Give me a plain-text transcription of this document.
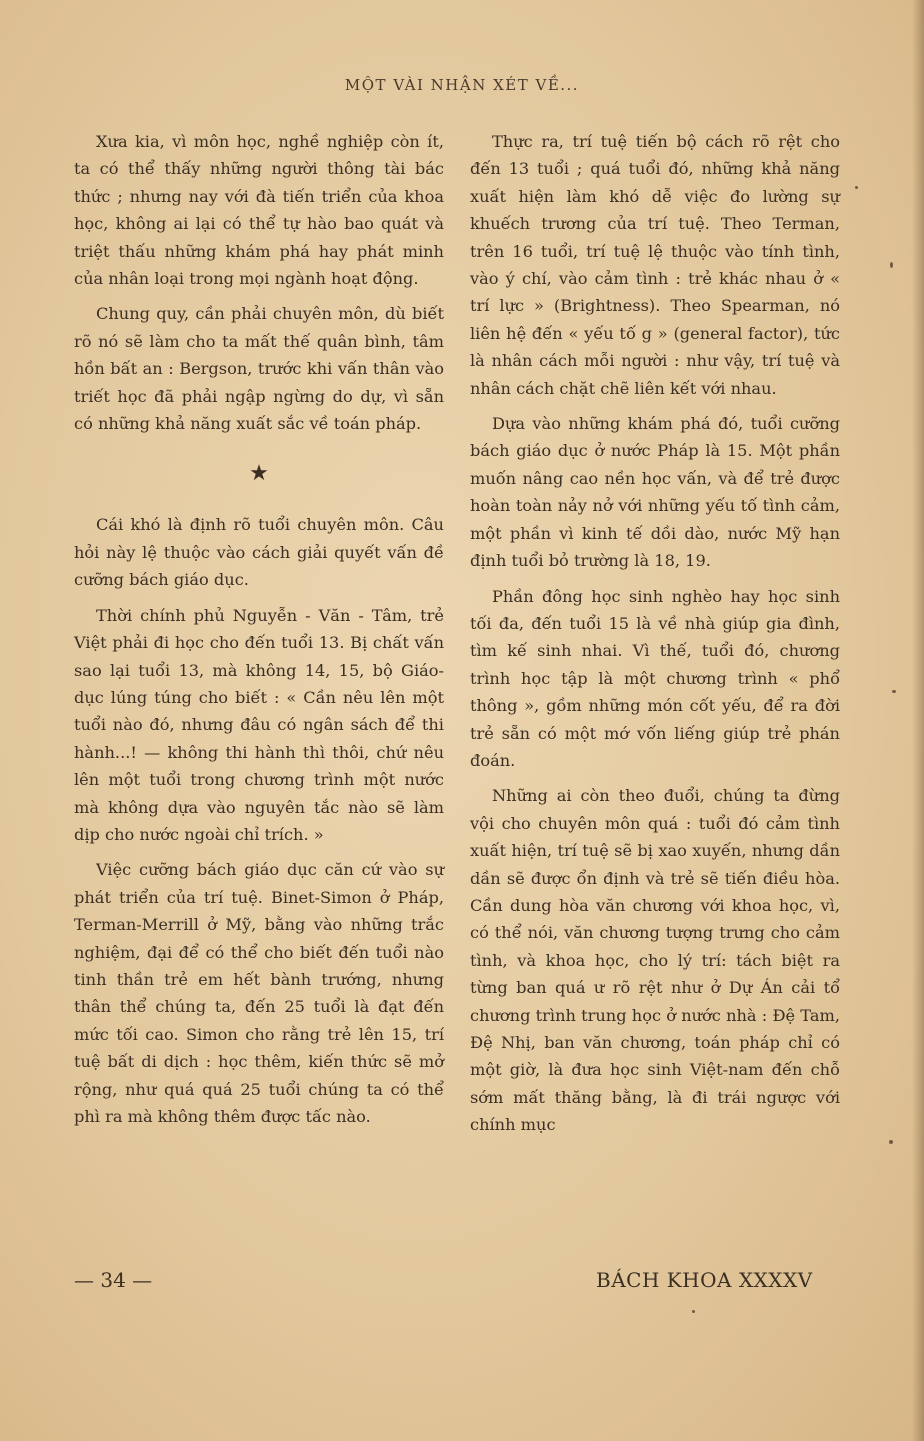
MỘT VÀI NHẬN XÉT VỀ...

Xưa kia, vì môn học, nghề nghiệp còn ít, ta có thể thấy những người thông tài bác thức ; nhưng nay với đà tiến triển của khoa học, không ai lại có thể tự hào bao quát và triệt thấu những khám phá hay phát minh của nhân loại trong mọi ngành hoạt động.

Chung quy, cần phải chuyên môn, dù biết rõ nó sẽ làm cho ta mất thế quân bình, tâm hồn bất an : Bergson, trước khi vấn thân vào triết học đã phải ngập ngừng do dự, vì sẵn có những khả năng xuất sắc về toán pháp.

★

Cái khó là định rõ tuổi chuyên môn. Câu hỏi này lệ thuộc vào cách giải quyết vấn đề cưỡng bách giáo dục.

Thời chính phủ Nguyễn - Văn - Tâm, trẻ Việt phải đi học cho đến tuổi 13. Bị chất vấn sao lại tuổi 13, mà không 14, 15, bộ Giáo-dục lúng túng cho biết : « Cần nêu lên một tuổi nào đó, nhưng đâu có ngân sách để thi hành...! — không thi hành thì thôi, chứ nêu lên một tuổi trong chương trình một nước mà không dựa vào nguyên tắc nào sẽ làm dịp cho nước ngoài chỉ trích. »

Việc cưỡng bách giáo dục căn cứ vào sự phát triển của trí tuệ. Binet-Simon ở Pháp, Terman-Merrill ở Mỹ, bằng vào những trắc nghiệm, đại để có thể cho biết đến tuổi nào tinh thần trẻ em hết bành trướng, nhưng thân thể chúng ta, đến 25 tuổi là đạt đến mức tối cao. Simon cho rằng trẻ lên 15, trí tuệ bất di dịch : học thêm, kiến thức sẽ mở rộng, như quá quá 25 tuổi chúng ta có thể phì ra mà không thêm được tấc nào.

Thực ra, trí tuệ tiến bộ cách rõ rệt cho đến 13 tuổi ; quá tuổi đó, những khả năng xuất hiện làm khó dễ việc đo lường sự khuếch trương của trí tuệ. Theo Terman, trên 16 tuổi, trí tuệ lệ thuộc vào tính tình, vào ý chí, vào cảm tình : trẻ khác nhau ở « trí lực » (Brightness). Theo Spearman, nó liên hệ đến « yếu tố g » (general factor), tức là nhân cách mỗi người : như vậy, trí tuệ và nhân cách chặt chẽ liên kết với nhau.

Dựa vào những khám phá đó, tuổi cưỡng bách giáo dục ở nước Pháp là 15. Một phần muốn nâng cao nền học vấn, và để trẻ được hoàn toàn nảy nở với những yếu tố tình cảm, một phần vì kinh tế dồi dào, nước Mỹ hạn định tuổi bỏ trường là 18, 19.

Phần đông học sinh nghèo hay học sinh tối đa, đến tuổi 15 là về nhà giúp gia đình, tìm kế sinh nhai. Vì thế, tuổi đó, chương trình học tập là một chương trình « phổ thông », gồm những món cốt yếu, để ra đời trẻ sẵn có một mớ vốn liếng giúp trẻ phán đoán.

Những ai còn theo đuổi, chúng ta đừng vội cho chuyên môn quá : tuổi đó cảm tình xuất hiện, trí tuệ sẽ bị xao xuyến, nhưng dần dần sẽ được ổn định và trẻ sẽ tiến điều hòa. Cần dung hòa văn chương với khoa học, vì, có thể nói, văn chương tượng trưng cho cảm tình, và khoa học, cho lý trí: tách biệt ra từng ban quá ư rõ rệt như ở Dự Án cải tổ chương trình trung học ở nước nhà : Đệ Tam, Đệ Nhị, ban văn chương, toán pháp chỉ có một giờ, là đưa học sinh Việt-nam đến chỗ sớm mất thăng bằng, là đi trái ngược với chính mục

— 34 —	BÁCH KHOA XXXXV
